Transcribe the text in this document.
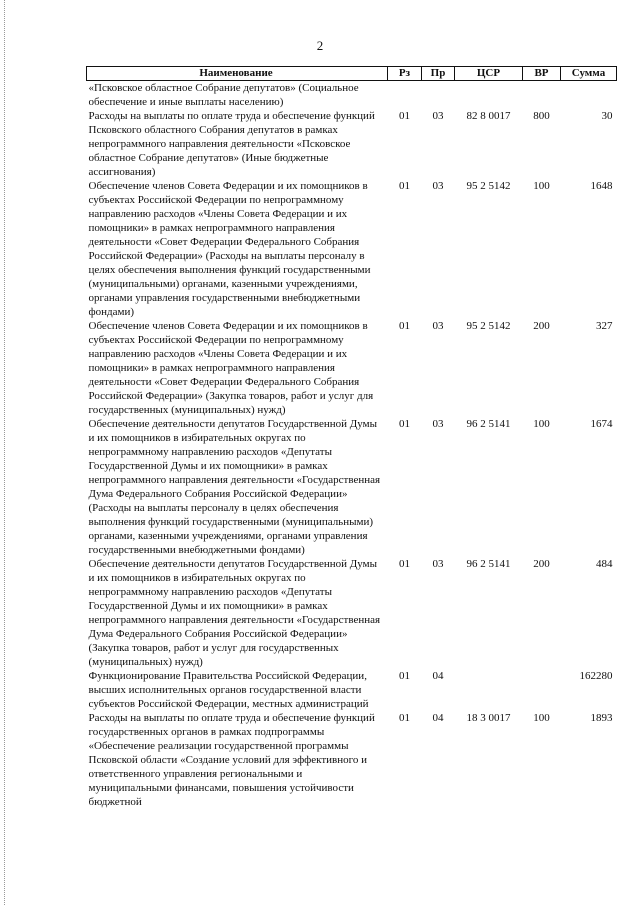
2
Наименование	Рз	Пр	ЦСР	ВР	Сумма
«Псковское областное Собрание депутатов» (Социальное обеспечение и иные выплаты населению)					
Расходы на выплаты по оплате труда и обеспечение функций Псковского областного Собрания депутатов в рамках непрограммного направления деятельности «Псковское областное Собрание депутатов» (Иные бюджетные ассигнования)	01	03	82 8 0017	800	30
Обеспечение членов Совета Федерации и их помощников в субъектах Российской Федерации по непрограммному направлению расходов «Члены Совета Федерации и их помощники» в рамках непрограммного направления деятельности «Совет Федерации Федерального Собрания Российской Федерации» (Расходы на выплаты персоналу в целях обеспечения выполнения функций государственными (муниципальными) органами, казенными учреждениями, органами управления государственными внебюджетными фондами)	01	03	95 2 5142	100	1648
Обеспечение членов Совета Федерации и их помощников в субъектах Российской Федерации по непрограммному направлению расходов «Члены Совета Федерации и их помощники» в рамках непрограммного направления деятельности «Совет Федерации Федерального Собрания Российской Федерации» (Закупка товаров, работ и услуг для государственных (муниципальных) нужд)	01	03	95 2 5142	200	327
Обеспечение деятельности депутатов Государственной Думы и их помощников в избирательных округах по непрограммному направлению расходов «Депутаты Государственной Думы и их помощники» в рамках непрограммного направления деятельности «Государственная Дума Федерального Собрания Российской Федерации» (Расходы на выплаты персоналу в целях обеспечения выполнения функций государственными (муниципальными) органами, казенными учреждениями, органами управления государственными внебюджетными фондами)	01	03	96 2 5141	100	1674
Обеспечение деятельности депутатов Государственной Думы и их помощников в избирательных округах по непрограммному направлению расходов «Депутаты Государственной Думы и их помощники» в рамках непрограммного направления деятельности «Государственная Дума Федерального Собрания Российской Федерации» (Закупка товаров, работ и услуг для государственных (муниципальных) нужд)	01	03	96 2 5141	200	484
Функционирование Правительства Российской Федерации, высших исполнительных органов государственной власти субъектов Российской Федерации, местных администраций	01	04			162280
Расходы на выплаты по оплате труда и обеспечение функций государственных органов в рамках подпрограммы «Обеспечение реализации государственной программы Псковской области «Создание условий для эффективного и ответственного управления региональными и муниципальными финансами, повышения устойчивости бюджетной	01	04	18 3 0017	100	1893
